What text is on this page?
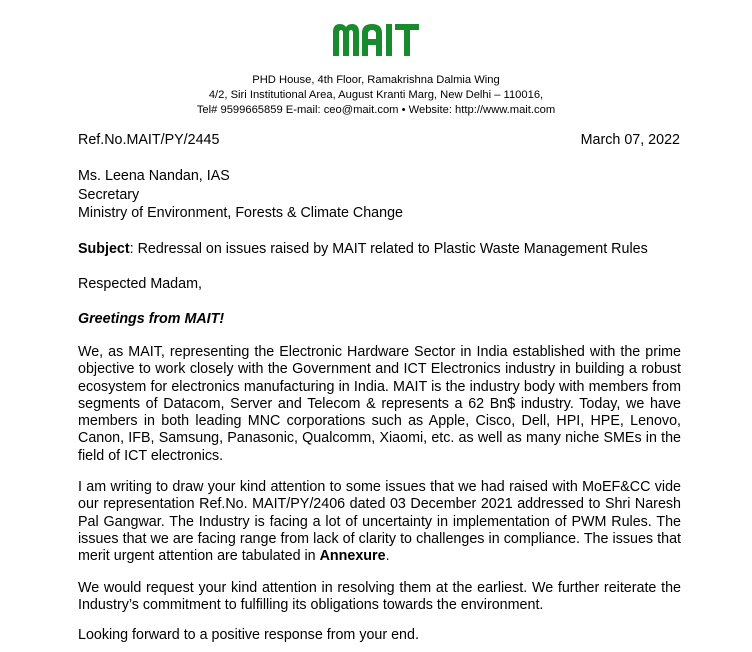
PHD House, 4th Floor, Ramakrishna Dalmia Wing
4/2, Siri Institutional Area, August Kranti Marg, New Delhi – 110016,
Tel# 9599665859 E-mail: ceo@mait.com • Website: http://www.mait.com
Ref.No.MAIT/PY/2445	March 07, 2022
Ms. Leena Nandan, IAS
Secretary
Ministry of Environment, Forests & Climate Change
Subject: Redressal on issues raised by MAIT related to Plastic Waste Management Rules
Respected Madam,
Greetings from MAIT!
We, as MAIT, representing the Electronic Hardware Sector in India established with the prime objective to work closely with the Government and ICT Electronics industry in building a robust ecosystem for electronics manufacturing in India. MAIT is the industry body with members from segments of Datacom, Server and Telecom & represents a 62 Bn$ industry. Today, we have members in both leading MNC corporations such as Apple, Cisco, Dell, HPI, HPE, Lenovo, Canon, IFB, Samsung, Panasonic, Qualcomm, Xiaomi, etc. as well as many niche SMEs in the field of ICT electronics.
I am writing to draw your kind attention to some issues that we had raised with MoEF&CC vide our representation Ref.No. MAIT/PY/2406 dated 03 December 2021 addressed to Shri Naresh Pal Gangwar. The Industry is facing a lot of uncertainty in implementation of PWM Rules. The issues that we are facing range from lack of clarity to challenges in compliance. The issues that merit urgent attention are tabulated in Annexure.
We would request your kind attention in resolving them at the earliest. We further reiterate the Industry’s commitment to fulfilling its obligations towards the environment.
Looking forward to a positive response from your end.
